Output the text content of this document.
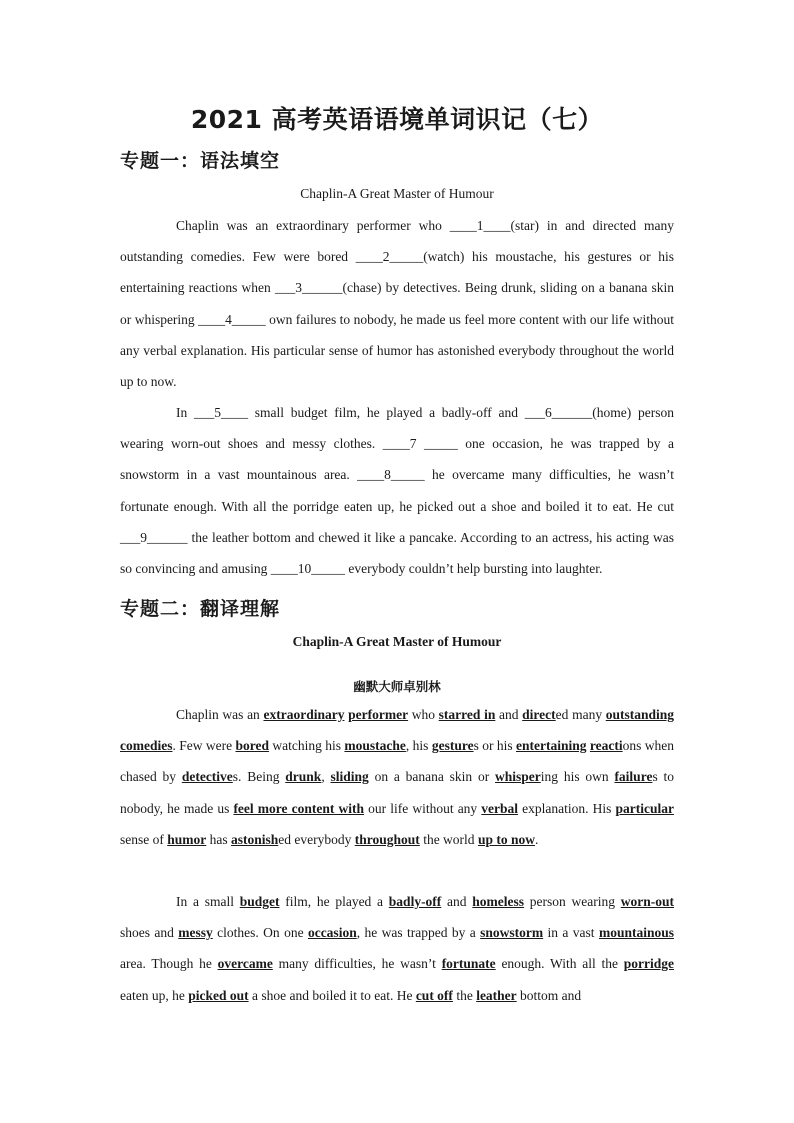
2021 高考英语语境单词识记（七）
专题一：语法填空
Chaplin-A Great Master of Humour

Chaplin was an extraordinary performer who ____1____(star) in and directed many outstanding comedies. Few were bored ____2_____(watch) his moustache, his gestures or his entertaining reactions when ___3______(chase) by detectives. Being drunk, sliding on a banana skin or whispering ____4_____ own failures to nobody, he made us feel more content with our life without any verbal explanation. His particular sense of humor has astonished everybody throughout the world up to now.

In ___5____ small budget film, he played a badly-off and ___6______(home) person wearing worn-out shoes and messy clothes. ____7 _____ one occasion, he was trapped by a snowstorm in a vast mountainous area. ____8_____ he overcame many difficulties, he wasn’t fortunate enough. With all the porridge eaten up, he picked out a shoe and boiled it to eat. He cut ___9______ the leather bottom and chewed it like a pancake. According to an actress, his acting was so convincing and amusing ____10_____ everybody couldn’t help bursting into laughter.

专题二：翻译理解
Chaplin-A Great Master of Humour
幽默大师卓别林

Chaplin was an extraordinary performer who starred in and directed many outstanding comedies. Few were bored watching his moustache, his gestures or his entertaining reactions when chased by detectives. Being drunk, sliding on a banana skin or whispering his own failures to nobody, he made us feel more content with our life without any verbal explanation. His particular sense of humor has astonished everybody throughout the world up to now.

In a small budget film, he played a badly-off and homeless person wearing worn-out shoes and messy clothes. On one occasion, he was trapped by a snowstorm in a vast mountainous area. Though he overcame many difficulties, he wasn’t fortunate enough. With all the porridge eaten up, he picked out a shoe and boiled it to eat. He cut off the leather bottom and
